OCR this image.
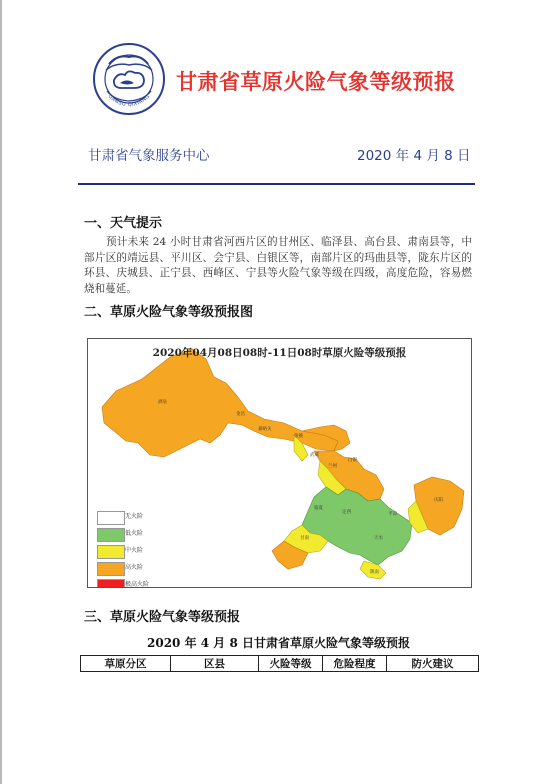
GANSU QIXIANG
甘肃省草原火险气象等级预报
甘肃省气象服务中心	2020 年 4 月 8 日
一、天气提示
预计未来 24 小时甘肃省河西片区的甘州区、临泽县、高台县、肃南县等，中部片区的靖远县、平川区、会宁县、白银区等，南部片区的玛曲县等，陇东片区的环县、庆城县、正宁县、西峰区、宁县等火险气象等级在四级，高度危险，容易燃烧和蔓延。
二、草原火险气象等级预报图
2020年04月08日08时-11日08时草原火险等级预报
嘉峪关
张掖
武威
兰州
白银
临夏
甘南
定西
天水
平凉
庆阳
陇南
金昌
酒泉
无火险
低火险
中火险
高火险
极高火险
三、草原火险气象等级预报
2020 年 4 月 8 日甘肃省草原火险气象等级预报
草原分区	区县	火险等级	危险程度	防火建议
